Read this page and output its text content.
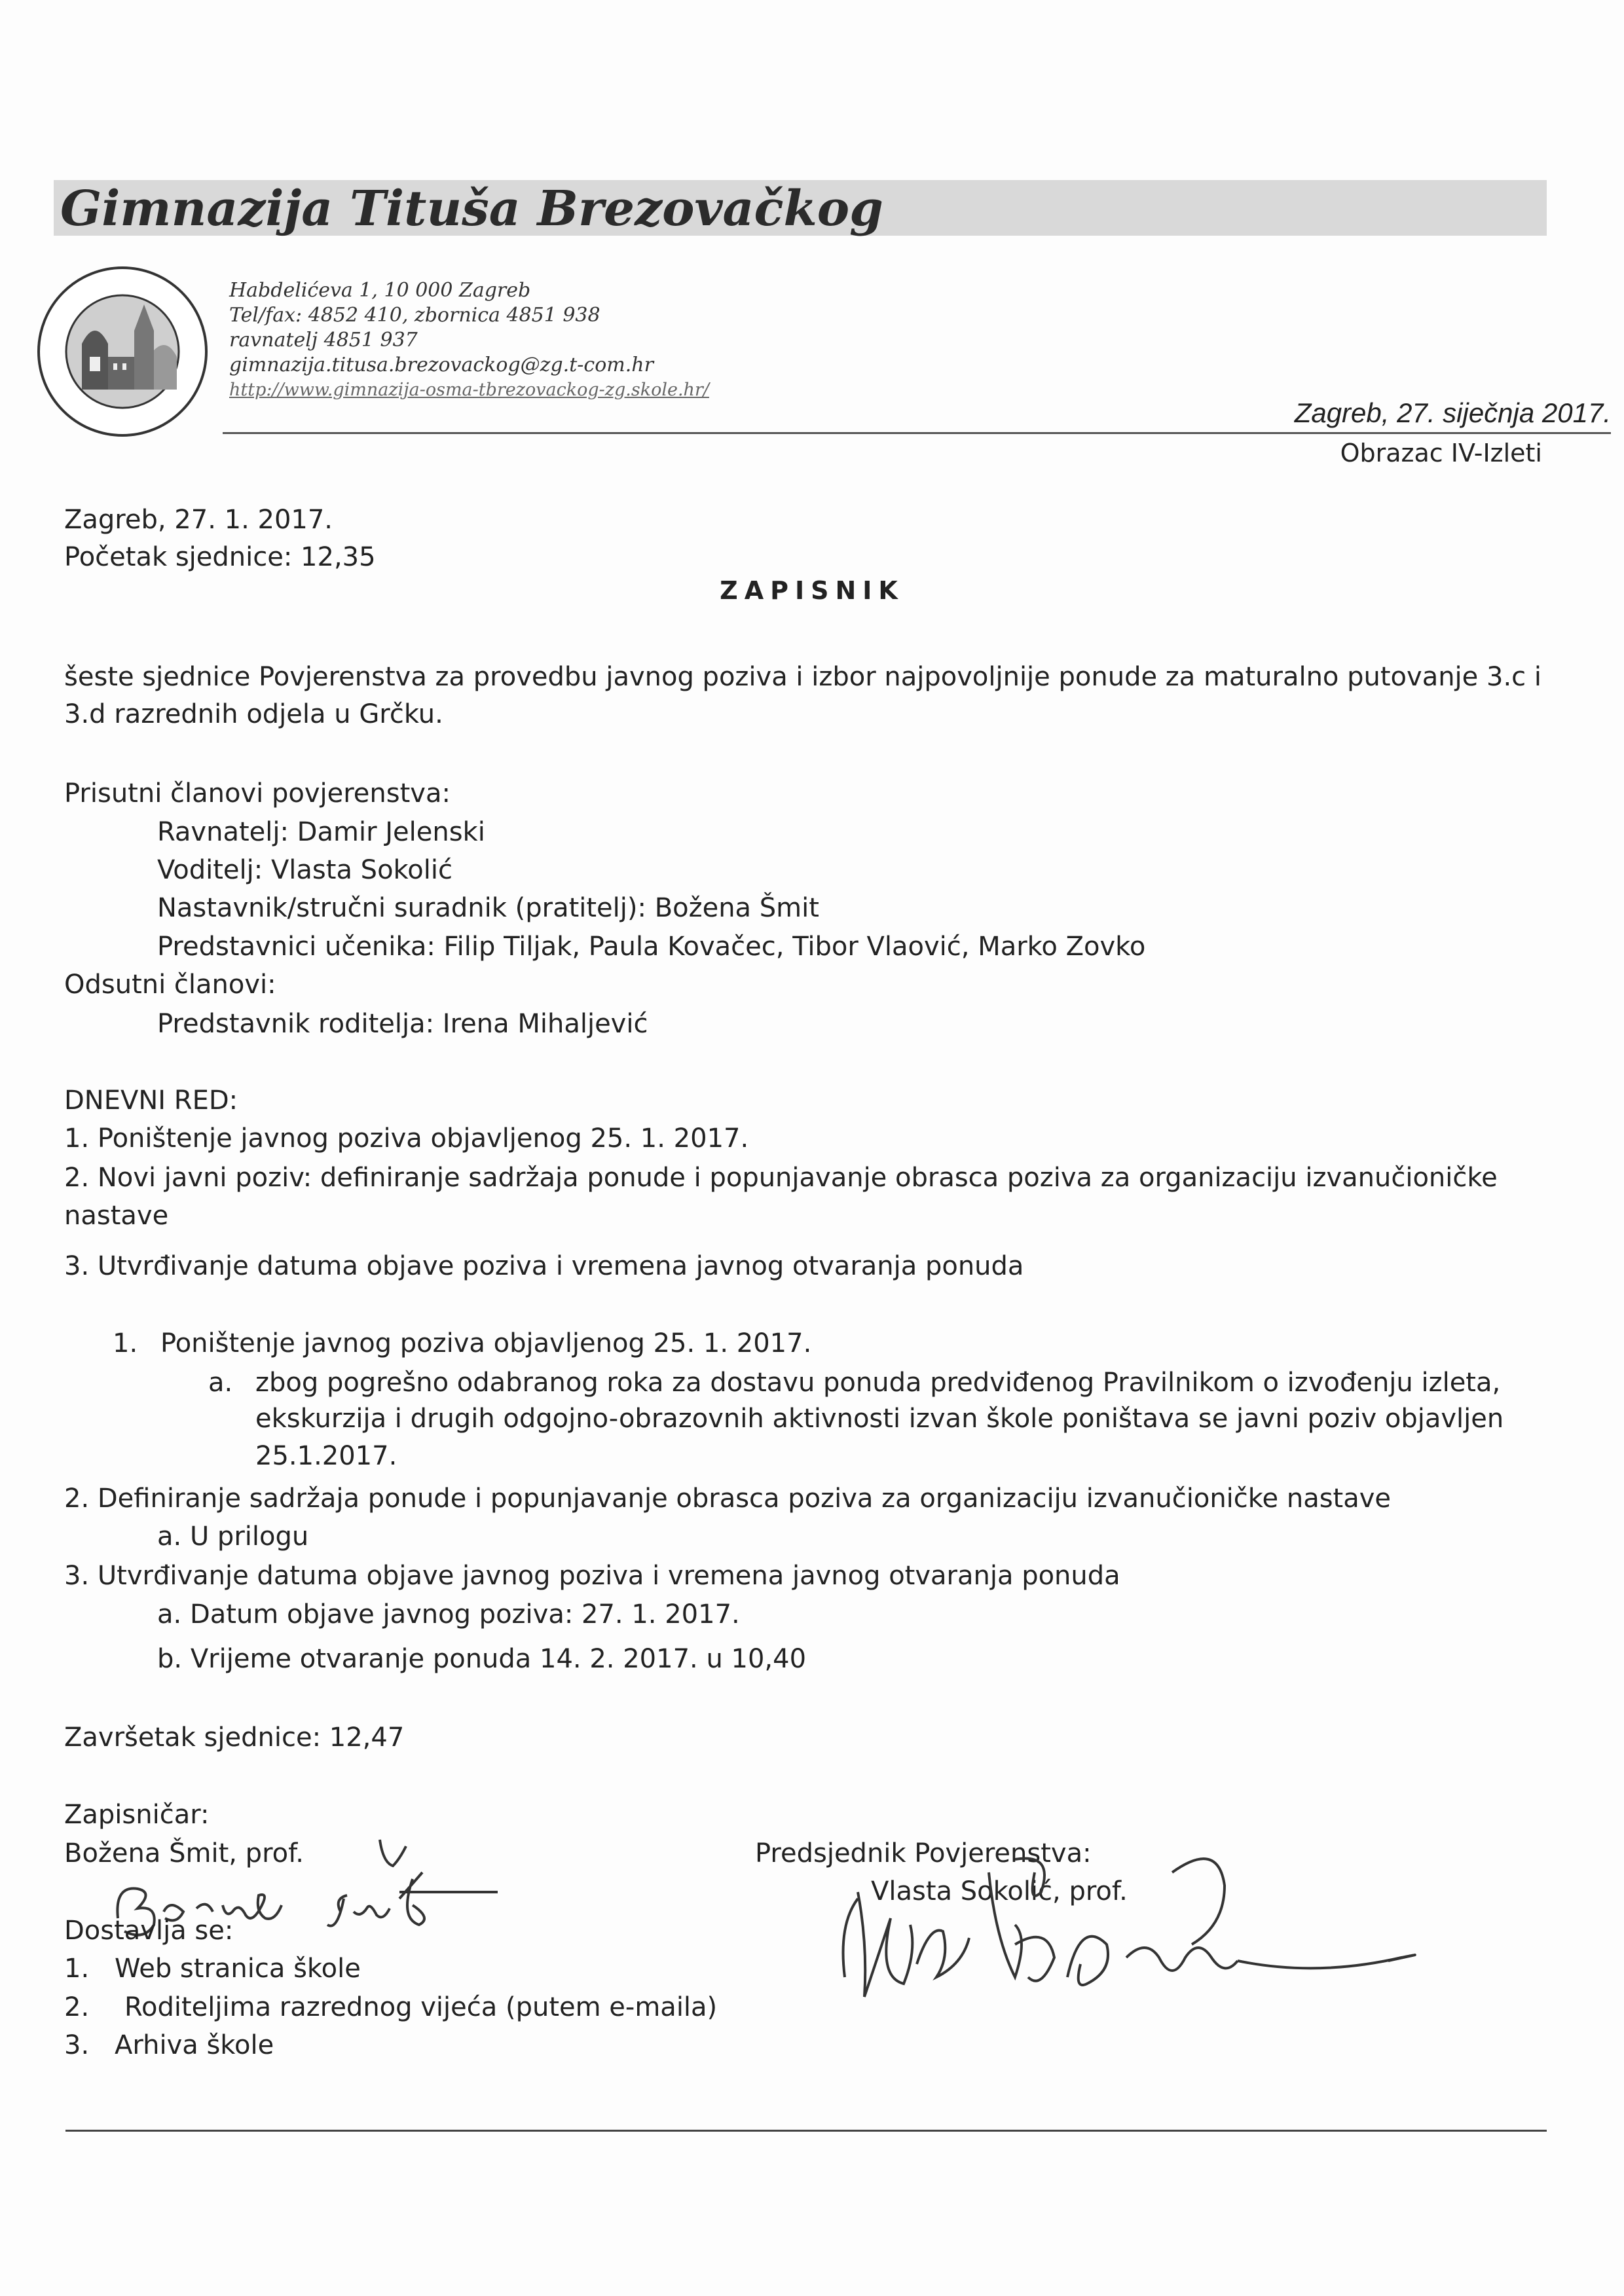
Gimnazija Tituša Brezovačkog
Habdelićeva 1, 10 000 Zagreb
Tel/fax: 4852 410, zbornica 4851 938
ravnatelj 4851 937
gimnazija.titusa.brezovackog@zg.t-com.hr
http://www.gimnazija-osma-tbrezovackog-zg.skole.hr/
Zagreb, 27. siječnja 2017.
Obrazac IV-Izleti
Zagreb, 27. 1. 2017.
Početak sjednice: 12,35
ZAPISNIK
šeste sjednice Povjerenstva za provedbu javnog poziva i izbor najpovoljnije ponude za maturalno putovanje 3.c i
3.d razrednih odjela u Grčku.
Prisutni članovi povjerenstva:
Ravnatelj: Damir Jelenski
Voditelj: Vlasta Sokolić
Nastavnik/stručni suradnik (pratitelj): Božena Šmit
Predstavnici učenika: Filip Tiljak, Paula Kovačec, Tibor Vlaović, Marko Zovko
Odsutni članovi:
Predstavnik roditelja: Irena Mihaljević
DNEVNI RED:
1. Poništenje javnog poziva objavljenog 25. 1. 2017.
2. Novi javni poziv: definiranje sadržaja ponude i popunjavanje obrasca poziva za organizaciju izvanučioničke
nastave
3. Utvrđivanje datuma objave poziva i vremena javnog otvaranja ponuda
1. Poništenje javnog poziva objavljenog 25. 1. 2017.
a. zbog pogrešno odabranog roka za dostavu ponuda predviđenog Pravilnikom o izvođenju izleta,
ekskurzija i drugih odgojno-obrazovnih aktivnosti izvan škole poništava se javni poziv objavljen
25.1.2017.
2. Definiranje sadržaja ponude i popunjavanje obrasca poziva za organizaciju izvanučioničke nastave
a. U prilogu
3. Utvrđivanje datuma objave javnog poziva i vremena javnog otvaranja ponuda
a. Datum objave javnog poziva: 27. 1. 2017.
b. Vrijeme otvaranje ponuda 14. 2. 2017. u 10,40
Završetak sjednice: 12,47
Zapisničar:
Božena Šmit, prof.	Predsjednik Povjerenstva:
Vlasta Sokolić, prof.
Dostavlja se:
1. Web stranica škole
2. Roditeljima razrednog vijeća (putem e-maila)
3. Arhiva škole
